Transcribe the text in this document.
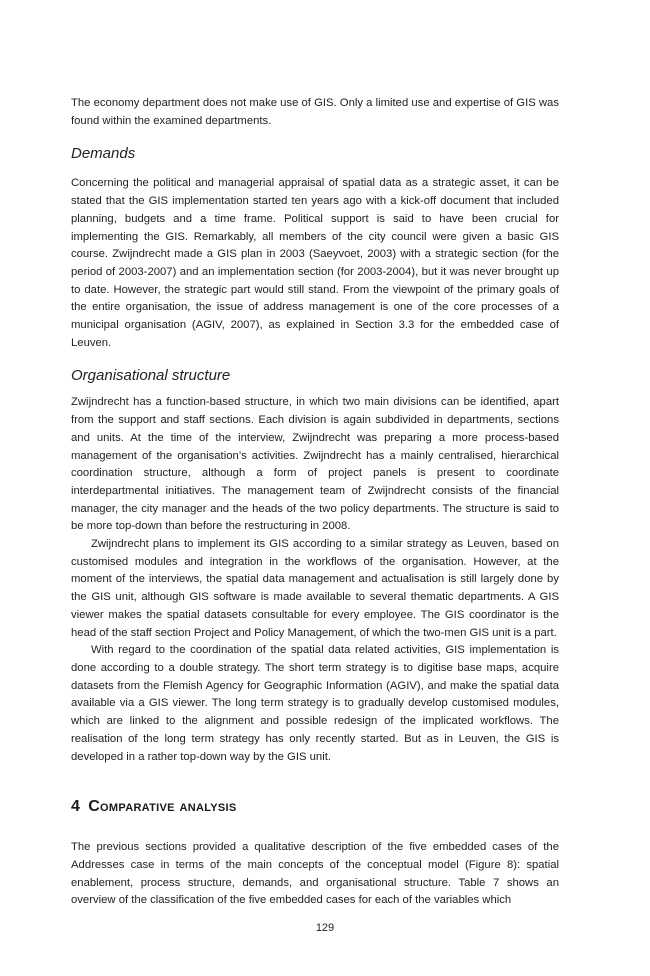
The economy department does not make use of GIS. Only a limited use and expertise of GIS was found within the examined departments.

Demands

Concerning the political and managerial appraisal of spatial data as a strategic asset, it can be stated that the GIS implementation started ten years ago with a kick-off document that included planning, budgets and a time frame. Political support is said to have been crucial for implementing the GIS. Remarkably, all members of the city council were given a basic GIS course. Zwijndrecht made a GIS plan in 2003 (Saeyvoet, 2003) with a strategic section (for the period of 2003-2007) and an implementation section (for 2003-2004), but it was never brought up to date. However, the strategic part would still stand. From the viewpoint of the primary goals of the entire organisation, the issue of address management is one of the core processes of a municipal organisation (AGIV, 2007), as explained in Section 3.3 for the embedded case of Leuven.

Organisational structure

Zwijndrecht has a function-based structure, in which two main divisions can be identified, apart from the support and staff sections. Each division is again subdivided in departments, sections and units. At the time of the interview, Zwijndrecht was preparing a more process-based management of the organisation’s activities. Zwijndrecht has a mainly centralised, hierarchical coordination structure, although a form of project panels is present to coordinate interdepartmental initiatives. The management team of Zwijndrecht consists of the financial manager, the city manager and the heads of the two policy departments. The structure is said to be more top-down than before the restructuring in 2008.

Zwijndrecht plans to implement its GIS according to a similar strategy as Leuven, based on customised modules and integration in the workflows of the organisation. However, at the moment of the interviews, the spatial data management and actualisation is still largely done by the GIS unit, although GIS software is made available to several thematic departments. A GIS viewer makes the spatial datasets consultable for every employee. The GIS coordinator is the head of the staff section Project and Policy Management, of which the two-men GIS unit is a part.

With regard to the coordination of the spatial data related activities, GIS implementation is done according to a double strategy. The short term strategy is to digitise base maps, acquire datasets from the Flemish Agency for Geographic Information (AGIV), and make the spatial data available via a GIS viewer. The long term strategy is to gradually develop customised modules, which are linked to the alignment and possible redesign of the implicated workflows. The realisation of the long term strategy has only recently started. But as in Leuven, the GIS is developed in a rather top-down way by the GIS unit.

4 Comparative analysis

The previous sections provided a qualitative description of the five embedded cases of the Addresses case in terms of the main concepts of the conceptual model (Figure 8): spatial enablement, process structure, demands, and organisational structure. Table 7 shows an overview of the classification of the five embedded cases for each of the variables which

129
